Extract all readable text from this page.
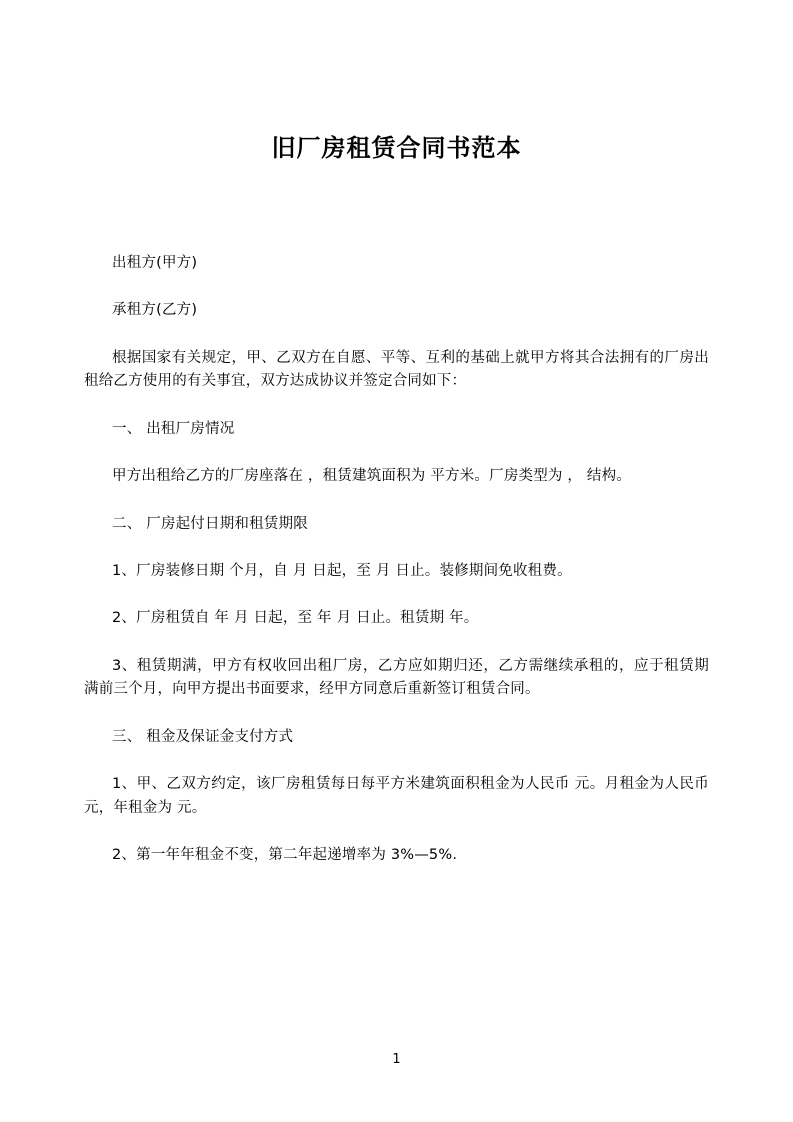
旧厂房租赁合同书范本

出租方(甲方)

承租方(乙方)

根据国家有关规定，甲、乙双方在自愿、平等、互利的基础上就甲方将其合法拥有的厂房出租给乙方使用的有关事宜，双方达成协议并签定合同如下：

一、 出租厂房情况

甲方出租给乙方的厂房座落在 ，租赁建筑面积为 平方米。厂房类型为 ， 结构。

二、 厂房起付日期和租赁期限

1、厂房装修日期 个月，自 月 日起，至 月 日止。装修期间免收租费。

2、厂房租赁自 年 月 日起，至 年 月 日止。租赁期 年。

3、租赁期满，甲方有权收回出租厂房，乙方应如期归还，乙方需继续承租的，应于租赁期满前三个月，向甲方提出书面要求，经甲方同意后重新签订租赁合同。

三、 租金及保证金支付方式

1、甲、乙双方约定，该厂房租赁每日每平方米建筑面积租金为人民币 元。月租金为人民币 元，年租金为 元。

2、第一年年租金不变，第二年起递增率为 3%—5%.

1
